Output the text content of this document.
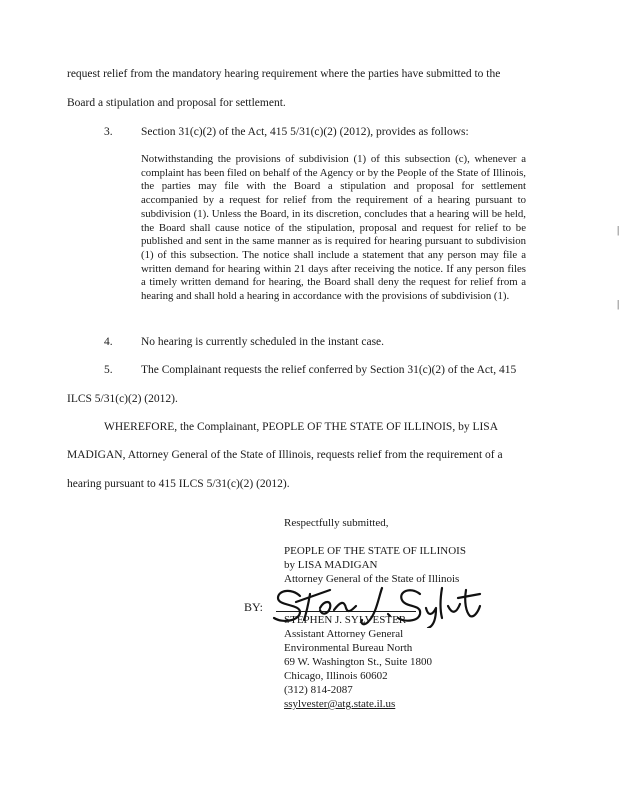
request relief from the mandatory hearing requirement where the parties have submitted to the
Board a stipulation and proposal for settlement.
3. Section 31(c)(2) of the Act, 415 5/31(c)(2) (2012), provides as follows:
Notwithstanding the provisions of subdivision (1) of this subsection (c), whenever a complaint has been filed on behalf of the Agency or by the People of the State of Illinois, the parties may file with the Board a stipulation and proposal for settlement accompanied by a request for relief from the requirement of a hearing pursuant to subdivision (1). Unless the Board, in its discretion, concludes that a hearing will be held, the Board shall cause notice of the stipulation, proposal and request for relief to be published and sent in the same manner as is required for hearing pursuant to subdivision (1) of this subsection. The notice shall include a statement that any person may file a written demand for hearing within 21 days after receiving the notice. If any person files a timely written demand for hearing, the Board shall deny the request for relief from a hearing and shall hold a hearing in accordance with the provisions of subdivision (1).
|
|
4. No hearing is currently scheduled in the instant case.
5. The Complainant requests the relief conferred by Section 31(c)(2) of the Act, 415
ILCS 5/31(c)(2) (2012).
WHEREFORE, the Complainant, PEOPLE OF THE STATE OF ILLINOIS, by LISA
MADIGAN, Attorney General of the State of Illinois, requests relief from the requirement of a
hearing pursuant to 415 ILCS 5/31(c)(2) (2012).
Respectfully submitted,
PEOPLE OF THE STATE OF ILLINOIS
by LISA MADIGAN
Attorney General of the State of Illinois
BY:
STEPHEN J. SYLVESTER
Assistant Attorney General
Environmental Bureau North
69 W. Washington St., Suite 1800
Chicago, Illinois 60602
(312) 814-2087
ssylvester@atg.state.il.us
